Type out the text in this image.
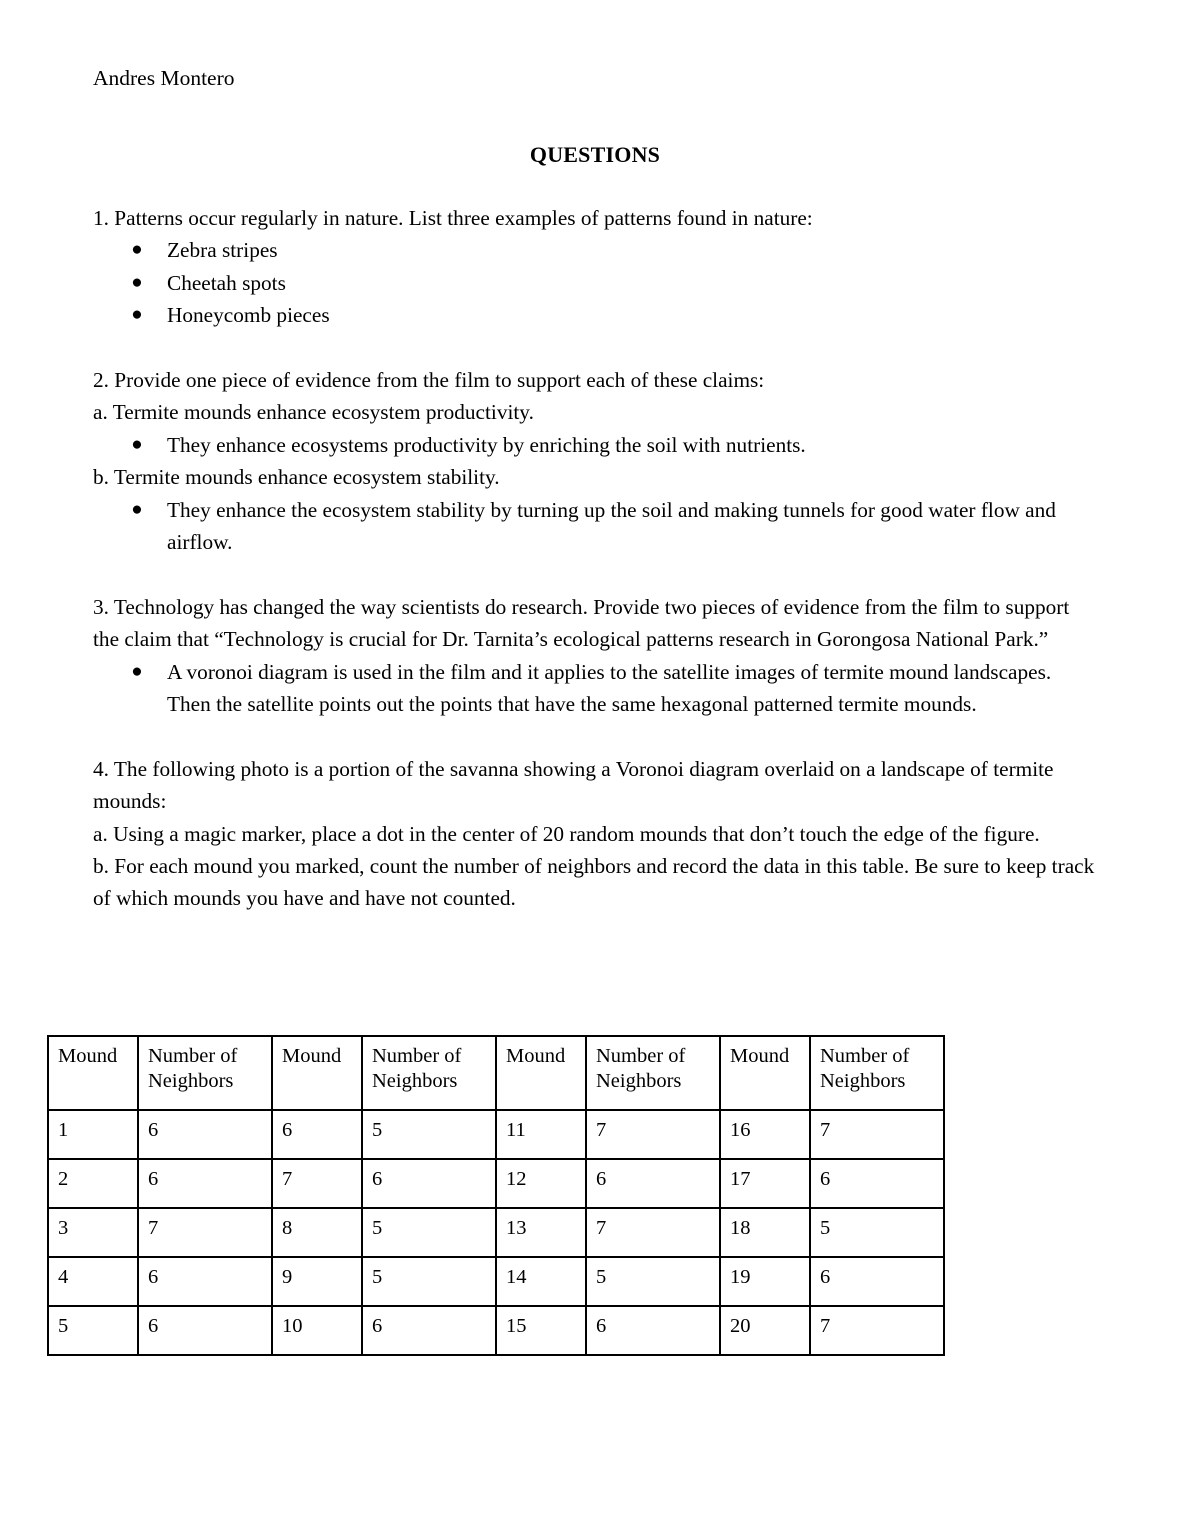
Andres Montero
QUESTIONS

1. Patterns occur regularly in nature. List three examples of patterns found in nature:

● Zebra stripes
● Cheetah spots
● Honeycomb pieces

2. Provide one piece of evidence from the film to support each of these claims:

a. Termite mounds enhance ecosystem productivity.

● They enhance ecosystems productivity by enriching the soil with nutrients.

b. Termite mounds enhance ecosystem stability.

● They enhance the ecosystem stability by turning up the soil and making tunnels for good water flow and airflow.

3. Technology has changed the way scientists do research. Provide two pieces of evidence from the film to support the claim that “Technology is crucial for Dr. Tarnita’s ecological patterns research in Gorongosa National Park.”

● A voronoi diagram is used in the film and it applies to the satellite images of termite mound landscapes. Then the satellite points out the points that have the same hexagonal patterned termite mounds.

4. The following photo is a portion of the savanna showing a Voronoi diagram overlaid on a landscape of termite mounds:

a. Using a magic marker, place a dot in the center of 20 random mounds that don’t touch the edge of the figure.

b. For each mound you marked, count the number of neighbors and record the data in this table. Be sure to keep track of which mounds you have and have not counted.

Mound	Number of Neighbors	Mound	Number of Neighbors	Mound	Number of Neighbors	Mound	Number of Neighbors
1	6	6	5	11	7	16	7
2	6	7	6	12	6	17	6
3	7	8	5	13	7	18	5
4	6	9	5	14	5	19	6
5	6	10	6	15	6	20	7
